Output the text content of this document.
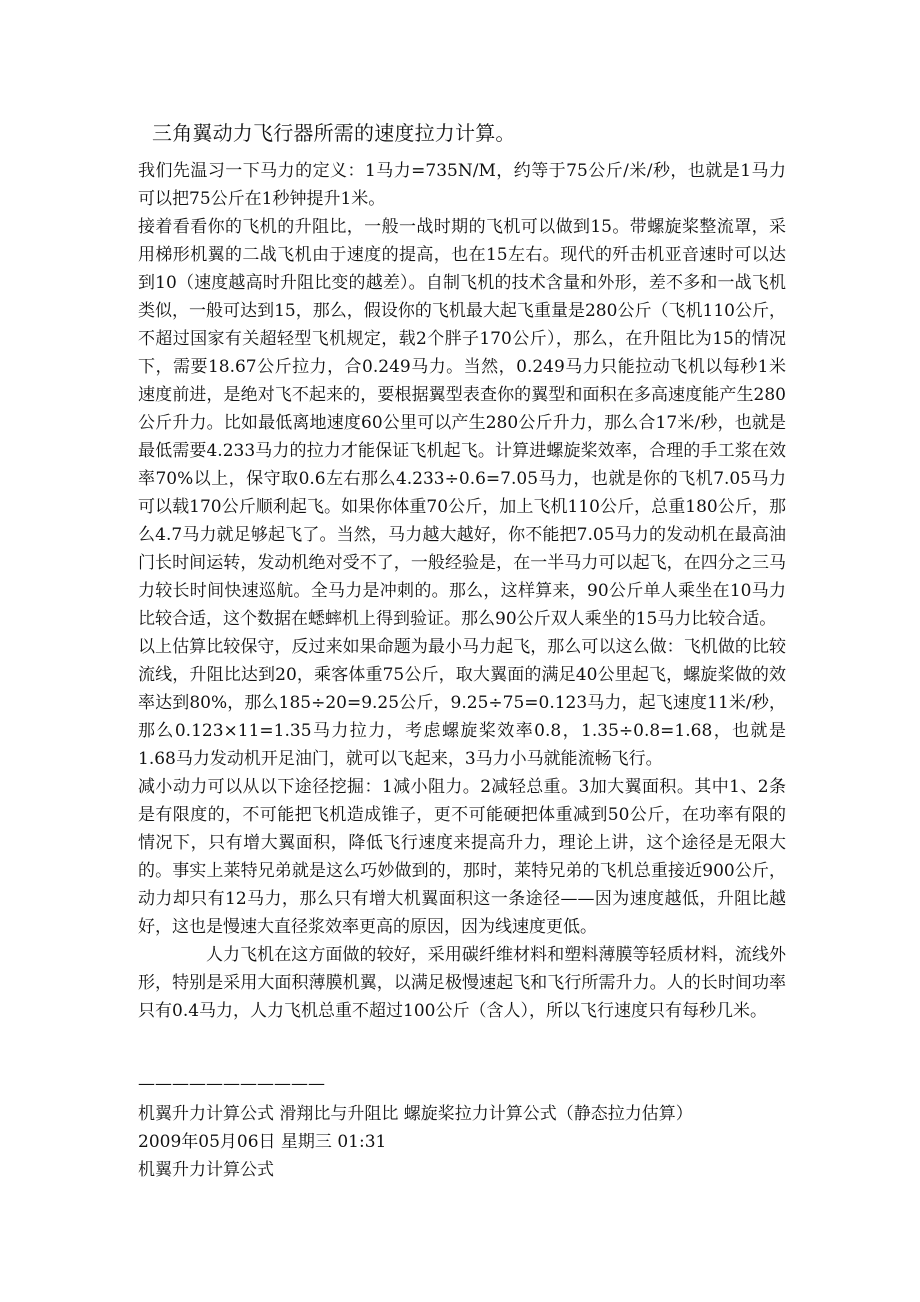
三角翼动力飞行器所需的速度拉力计算。

我们先温习一下马力的定义：1马力=735N/M，约等于75公斤/米/秒，也就是1马力可以把75公斤在1秒钟提升1米。

接着看看你的飞机的升阻比，一般一战时期的飞机可以做到15。带螺旋桨整流罩，采用梯形机翼的二战飞机由于速度的提高，也在15左右。现代的歼击机亚音速时可以达到10（速度越高时升阻比变的越差）。自制飞机的技术含量和外形，差不多和一战飞机类似，一般可达到15，那么，假设你的飞机最大起飞重量是280公斤（飞机110公斤，不超过国家有关超轻型飞机规定，载2个胖子170公斤），那么，在升阻比为15的情况下，需要18.67公斤拉力，合0.249马力。当然，0.249马力只能拉动飞机以每秒1米速度前进，是绝对飞不起来的，要根据翼型表查你的翼型和面积在多高速度能产生280公斤升力。比如最低离地速度60公里可以产生280公斤升力，那么合17米/秒，也就是最低需要4.233马力的拉力才能保证飞机起飞。计算进螺旋桨效率，合理的手工浆在效率70%以上，保守取0.6左右那么4.233÷0.6=7.05马力，也就是你的飞机7.05马力可以载170公斤顺利起飞。如果你体重70公斤，加上飞机110公斤，总重180公斤，那么4.7马力就足够起飞了。当然，马力越大越好，你不能把7.05马力的发动机在最高油门长时间运转，发动机绝对受不了，一般经验是，在一半马力可以起飞，在四分之三马力较长时间快速巡航。全马力是冲刺的。那么，这样算来，90公斤单人乘坐在10马力比较合适，这个数据在蟋蟀机上得到验证。那么90公斤双人乘坐的15马力比较合适。

以上估算比较保守，反过来如果命题为最小马力起飞，那么可以这么做：飞机做的比较流线，升阻比达到20，乘客体重75公斤，取大翼面的满足40公里起飞，螺旋桨做的效率达到80%，那么185÷20=9.25公斤，9.25÷75=0.123马力，起飞速度11米/秒，那么0.123×11=1.35马力拉力，考虑螺旋桨效率0.8，1.35÷0.8=1.68，也就是1.68马力发动机开足油门，就可以飞起来，3马力小马就能流畅飞行。

减小动力可以从以下途径挖掘：1减小阻力。2减轻总重。3加大翼面积。其中1、2条是有限度的，不可能把飞机造成锥子，更不可能硬把体重减到50公斤，在功率有限的情况下，只有增大翼面积，降低飞行速度来提高升力，理论上讲，这个途径是无限大的。事实上莱特兄弟就是这么巧妙做到的，那时，莱特兄弟的飞机总重接近900公斤，动力却只有12马力，那么只有增大机翼面积这一条途径——因为速度越低，升阻比越好，这也是慢速大直径浆效率更高的原因，因为线速度更低。

人力飞机在这方面做的较好，采用碳纤维材料和塑料薄膜等轻质材料，流线外形，特别是采用大面积薄膜机翼，以满足极慢速起飞和飞行所需升力。人的长时间功率只有0.4马力，人力飞机总重不超过100公斤（含人），所以飞行速度只有每秒几米。

———————————
机翼升力计算公式 滑翔比与升阻比 螺旋桨拉力计算公式（静态拉力估算）
2009年05月06日 星期三 01:31
机翼升力计算公式
